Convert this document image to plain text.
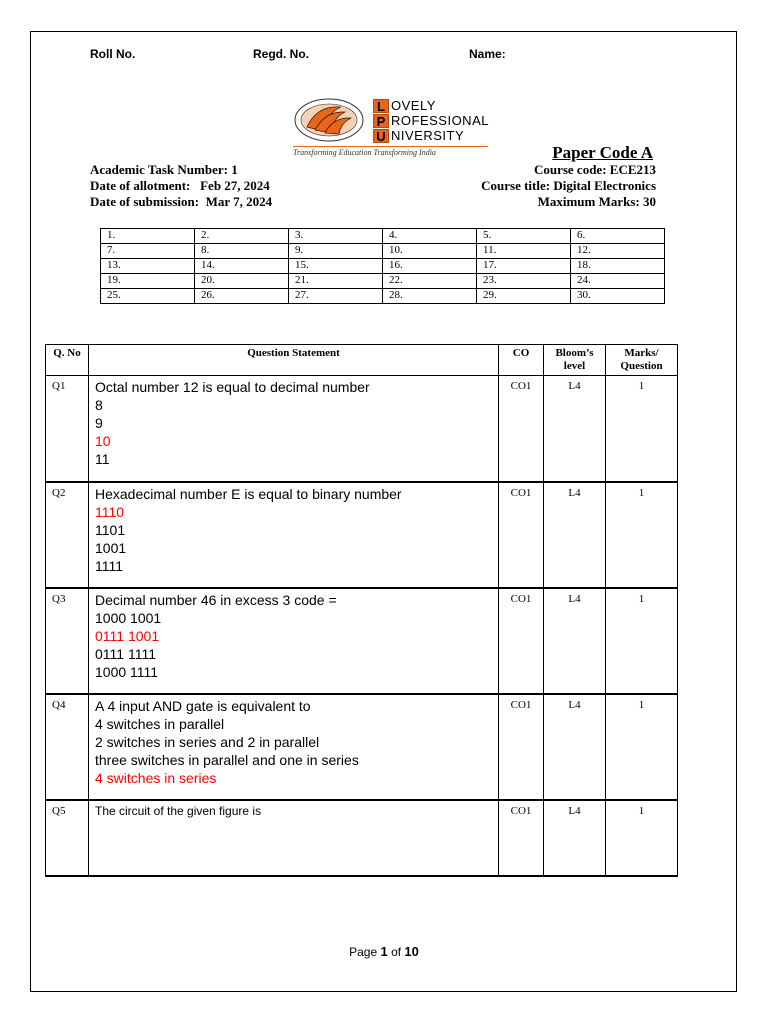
Roll No.	Regd. No.	Name:
L OVELY
P ROFESSIONAL
U NIVERSITY
Transforming Education Transforming India	Paper Code A
Academic Task Number: 1
Date of allotment:   Feb 27, 2024
Date of submission:  Mar 7, 2024
Course code: ECE213
Course title: Digital Electronics
Maximum Marks: 30
1.	2.	3.	4.	5.	6.
7.	8.	9.	10.	11.	12.
13.	14.	15.	16.	17.	18.
19.	20.	21.	22.	23.	24.
25.	26.	27.	28.	29.	30.
Q. No	Question Statement	CO	Bloom’s level	Marks/ Question
Q1	Octal number 12 is equal to decimal number
8
9
10
11	CO1	L4	1
Q2	Hexadecimal number E is equal to binary number
1110
1101
1001
1111	CO1	L4	1
Q3	Decimal number 46 in excess 3 code =
1000 1001
0111 1001
0111 1111
1000 1111	CO1	L4	1
Q4	A 4 input AND gate is equivalent to
4 switches in parallel
2 switches in series and 2 in parallel
three switches in parallel and one in series
4 switches in series	CO1	L4	1
Q5	The circuit of the given figure is	CO1	L4	1
Page 1 of 10
